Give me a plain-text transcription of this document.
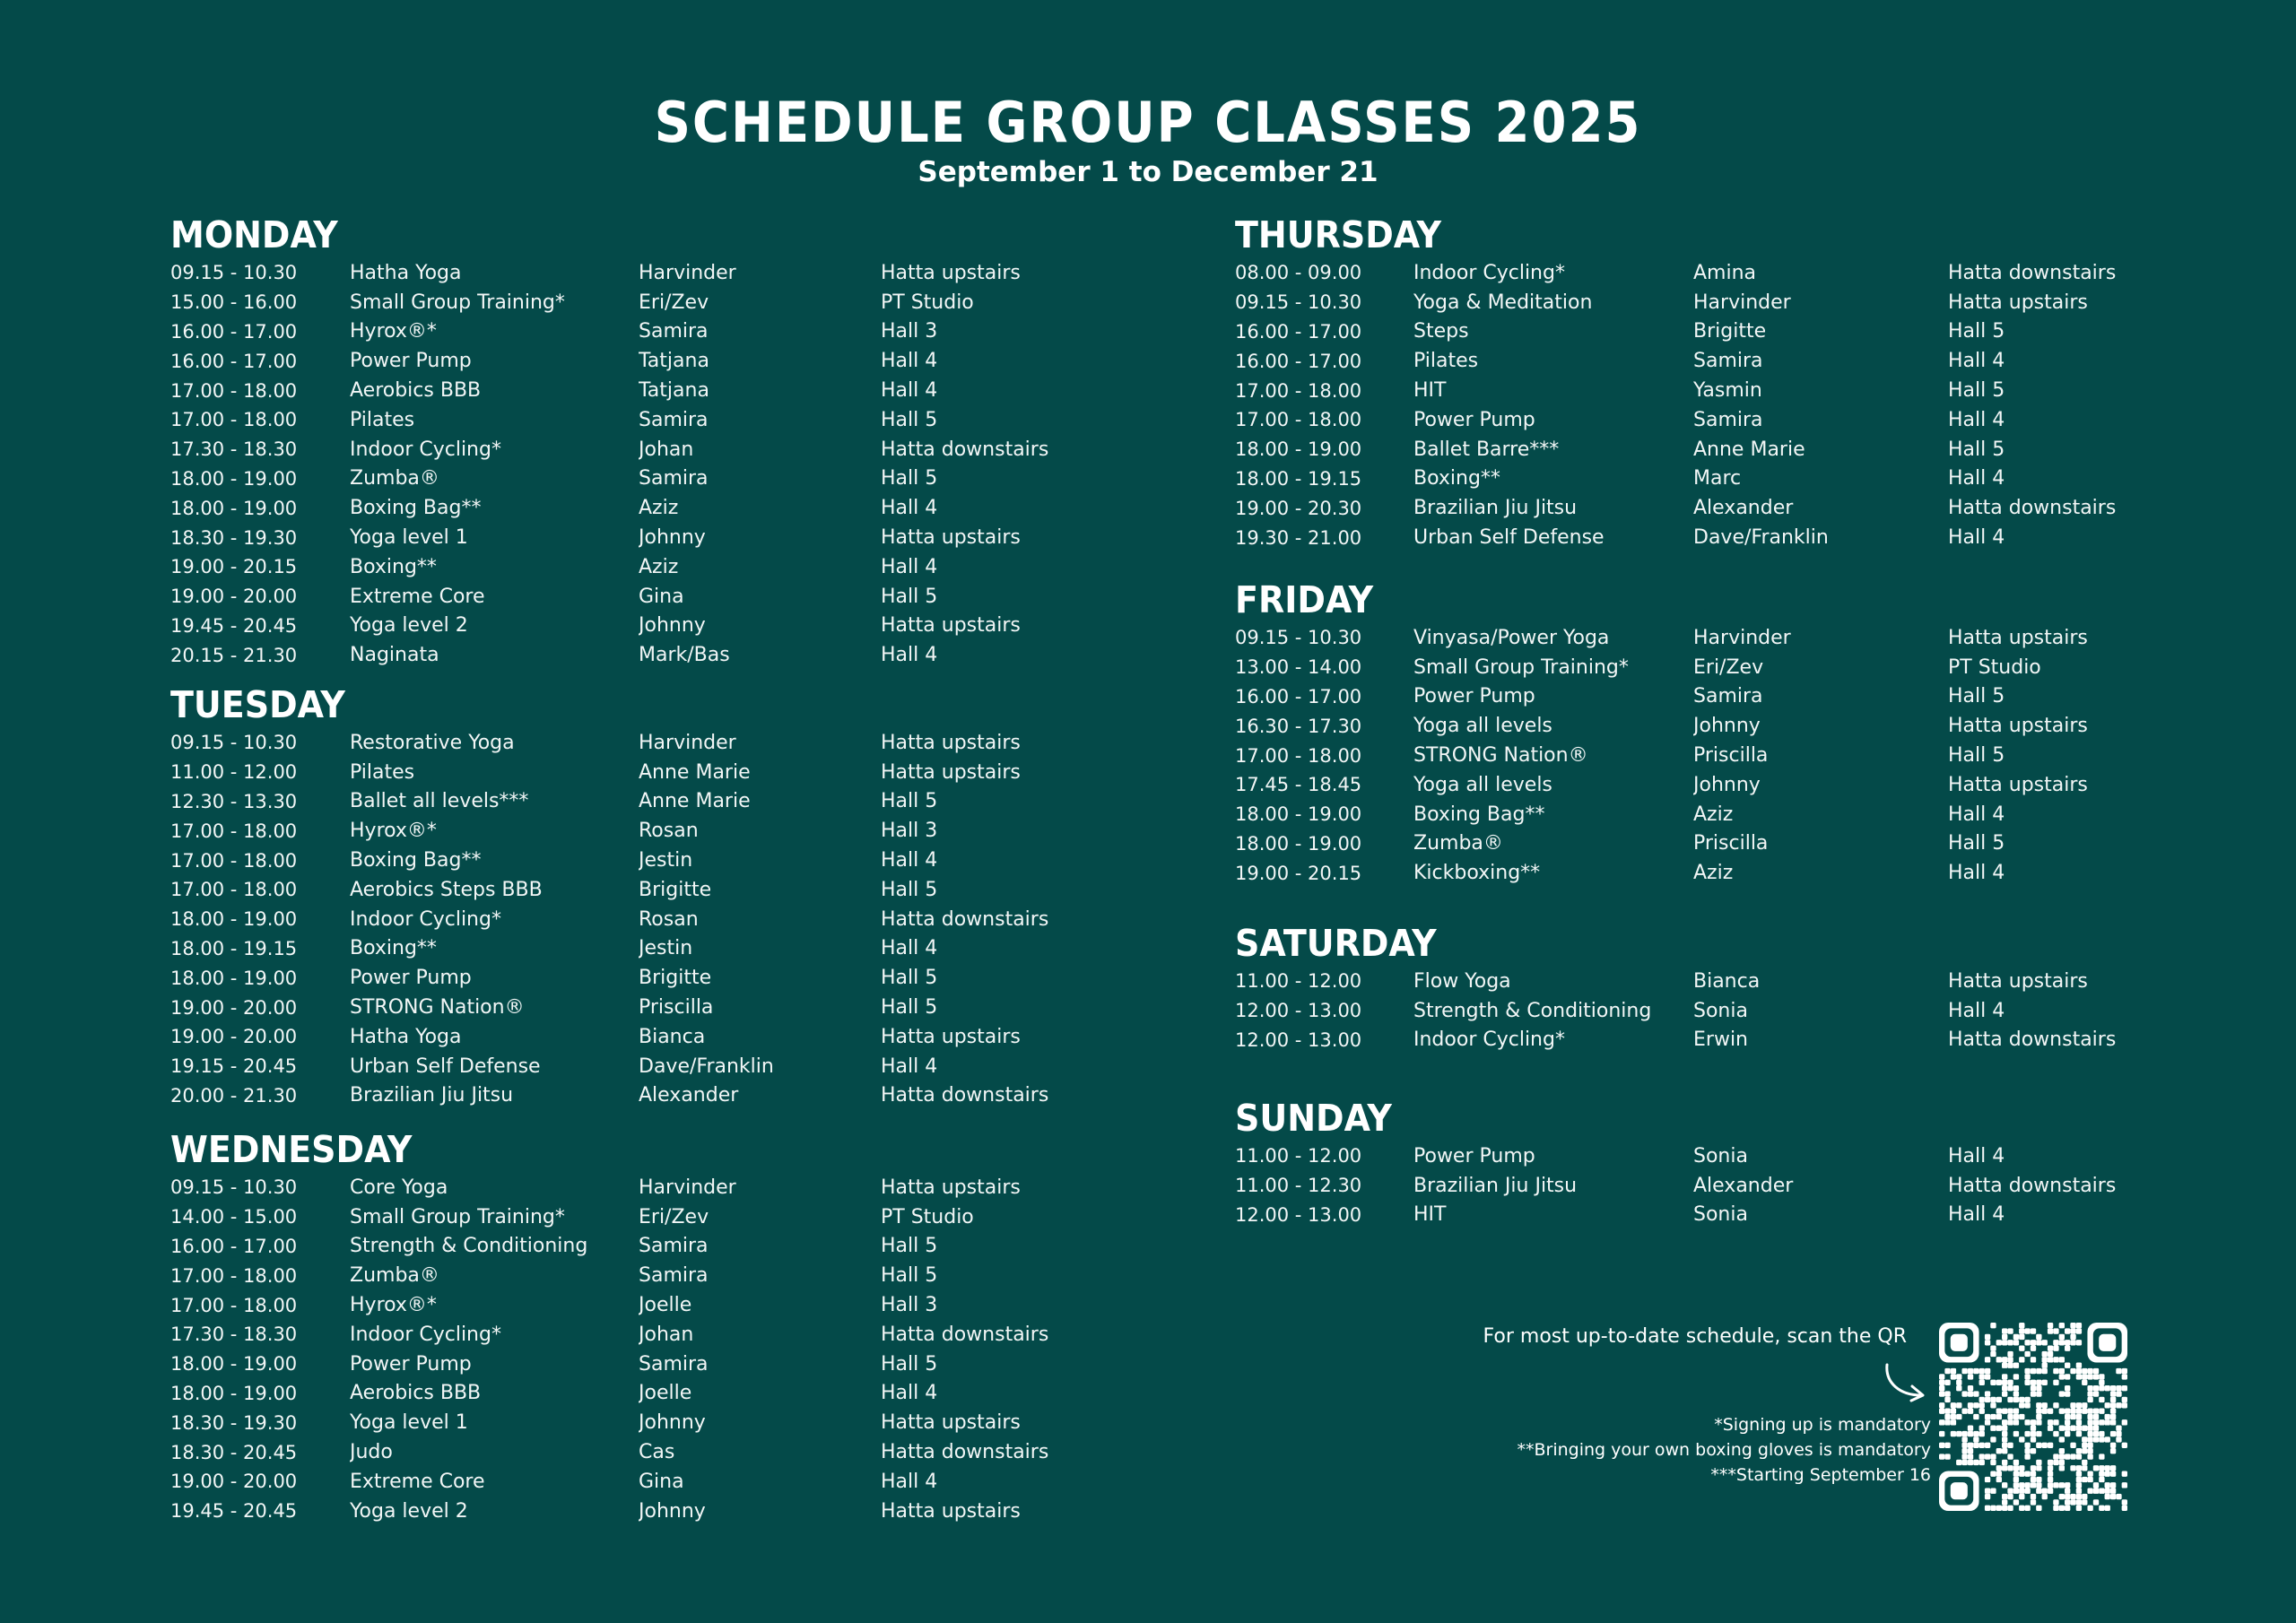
SCHEDULE GROUP CLASSES 2025
September 1 to December 21
MONDAY
09.15 - 10.30	Hatha Yoga	Harvinder	Hatta upstairs
15.00 - 16.00	Small Group Training*	Eri/Zev	PT Studio
16.00 - 17.00	Hyrox®*	Samira	Hall 3
16.00 - 17.00	Power Pump	Tatjana	Hall 4
17.00 - 18.00	Aerobics BBB	Tatjana	Hall 4
17.00 - 18.00	Pilates	Samira	Hall 5
17.30 - 18.30	Indoor Cycling*	Johan	Hatta downstairs
18.00 - 19.00	Zumba®	Samira	Hall 5
18.00 - 19.00	Boxing Bag**	Aziz	Hall 4
18.30 - 19.30	Yoga level 1	Johnny	Hatta upstairs
19.00 - 20.15	Boxing**	Aziz	Hall 4
19.00 - 20.00	Extreme Core	Gina	Hall 5
19.45 - 20.45	Yoga level 2	Johnny	Hatta upstairs
20.15 - 21.30	Naginata	Mark/Bas	Hall 4
TUESDAY
09.15 - 10.30	Restorative Yoga	Harvinder	Hatta upstairs
11.00 - 12.00	Pilates	Anne Marie	Hatta upstairs
12.30 - 13.30	Ballet all levels***	Anne Marie	Hall 5
17.00 - 18.00	Hyrox®*	Rosan	Hall 3
17.00 - 18.00	Boxing Bag**	Jestin	Hall 4
17.00 - 18.00	Aerobics Steps BBB	Brigitte	Hall 5
18.00 - 19.00	Indoor Cycling*	Rosan	Hatta downstairs
18.00 - 19.15	Boxing**	Jestin	Hall 4
18.00 - 19.00	Power Pump	Brigitte	Hall 5
19.00 - 20.00	STRONG Nation®	Priscilla	Hall 5
19.00 - 20.00	Hatha Yoga	Bianca	Hatta upstairs
19.15 - 20.45	Urban Self Defense	Dave/Franklin	Hall 4
20.00 - 21.30	Brazilian Jiu Jitsu	Alexander	Hatta downstairs
WEDNESDAY
09.15 - 10.30	Core Yoga	Harvinder	Hatta upstairs
14.00 - 15.00	Small Group Training*	Eri/Zev	PT Studio
16.00 - 17.00	Strength & Conditioning	Samira	Hall 5
17.00 - 18.00	Zumba®	Samira	Hall 5
17.00 - 18.00	Hyrox®*	Joelle	Hall 3
17.30 - 18.30	Indoor Cycling*	Johan	Hatta downstairs
18.00 - 19.00	Power Pump	Samira	Hall 5
18.00 - 19.00	Aerobics BBB	Joelle	Hall 4
18.30 - 19.30	Yoga level 1	Johnny	Hatta upstairs
18.30 - 20.45	Judo	Cas	Hatta downstairs
19.00 - 20.00	Extreme Core	Gina	Hall 4
19.45 - 20.45	Yoga level 2	Johnny	Hatta upstairs
THURSDAY
08.00 - 09.00	Indoor Cycling*	Amina	Hatta downstairs
09.15 - 10.30	Yoga & Meditation	Harvinder	Hatta upstairs
16.00 - 17.00	Steps	Brigitte	Hall 5
16.00 - 17.00	Pilates	Samira	Hall 4
17.00 - 18.00	HIT	Yasmin	Hall 5
17.00 - 18.00	Power Pump	Samira	Hall 4
18.00 - 19.00	Ballet Barre***	Anne Marie	Hall 5
18.00 - 19.15	Boxing**	Marc	Hall 4
19.00 - 20.30	Brazilian Jiu Jitsu	Alexander	Hatta downstairs
19.30 - 21.00	Urban Self Defense	Dave/Franklin	Hall 4
FRIDAY
09.15 - 10.30	Vinyasa/Power Yoga	Harvinder	Hatta upstairs
13.00 - 14.00	Small Group Training*	Eri/Zev	PT Studio
16.00 - 17.00	Power Pump	Samira	Hall 5
16.30 - 17.30	Yoga all levels	Johnny	Hatta upstairs
17.00 - 18.00	STRONG Nation®	Priscilla	Hall 5
17.45 - 18.45	Yoga all levels	Johnny	Hatta upstairs
18.00 - 19.00	Boxing Bag**	Aziz	Hall 4
18.00 - 19.00	Zumba®	Priscilla	Hall 5
19.00 - 20.15	Kickboxing**	Aziz	Hall 4
SATURDAY
11.00 - 12.00	Flow Yoga	Bianca	Hatta upstairs
12.00 - 13.00	Strength & Conditioning	Sonia	Hall 4
12.00 - 13.00	Indoor Cycling*	Erwin	Hatta downstairs
SUNDAY
11.00 - 12.00	Power Pump	Sonia	Hall 4
11.00 - 12.30	Brazilian Jiu Jitsu	Alexander	Hatta downstairs
12.00 - 13.00	HIT	Sonia	Hall 4
For most up-to-date schedule, scan the QR
*Signing up is mandatory
**Bringing your own boxing gloves is mandatory
***Starting September 16
